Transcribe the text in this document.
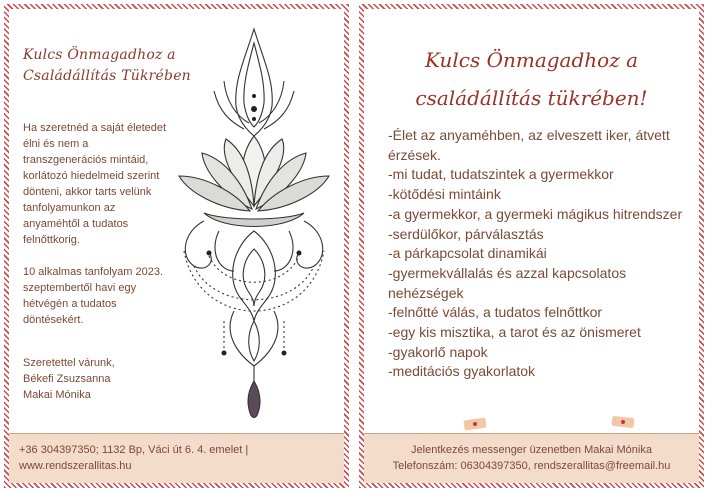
Kulcs Önmagadhoz a Családállítás Tükrében

Ha szeretnéd a saját életedet élni és nem a transzgenerációs mintáid, korlátozó hiedelmeid szerint dönteni, akkor tarts velünk tanfolyamunkon az anyaméhtől a tudatos felnőttkorig.

10 alkalmas tanfolyam 2023. szeptembertől havi egy hétvégén a tudatos döntésekért.

Szeretettel várunk,

Békefi Zsuzsanna

Makai Mónika

+36 304397350; 1132 Bp, Váci út 6. 4. emelet |
www.rendszerallitas.hu
Kulcs Önmagadhoz a családállítás tükrében!
-Élet az anyaméhben, az elveszett iker, átvett érzések.
-mi tudat, tudatszintek a gyermekkor
-kötődési mintáink
-a gyermekkor, a gyermeki mágikus hitrendszer
-serdülőkor, párválasztás
-a párkapcsolat dinamikái
-gyermekvállalás és azzal kapcsolatos nehézségek
-felnőtté válás, a tudatos felnőttkor
-egy kis misztika, a tarot és az önismeret
-gyakorlő napok
-meditációs gyakorlatok
Jelentkezés messenger üzenetben Makai Mónika
Telefonszám: 06304397350, rendszerallitas@freemail.hu
